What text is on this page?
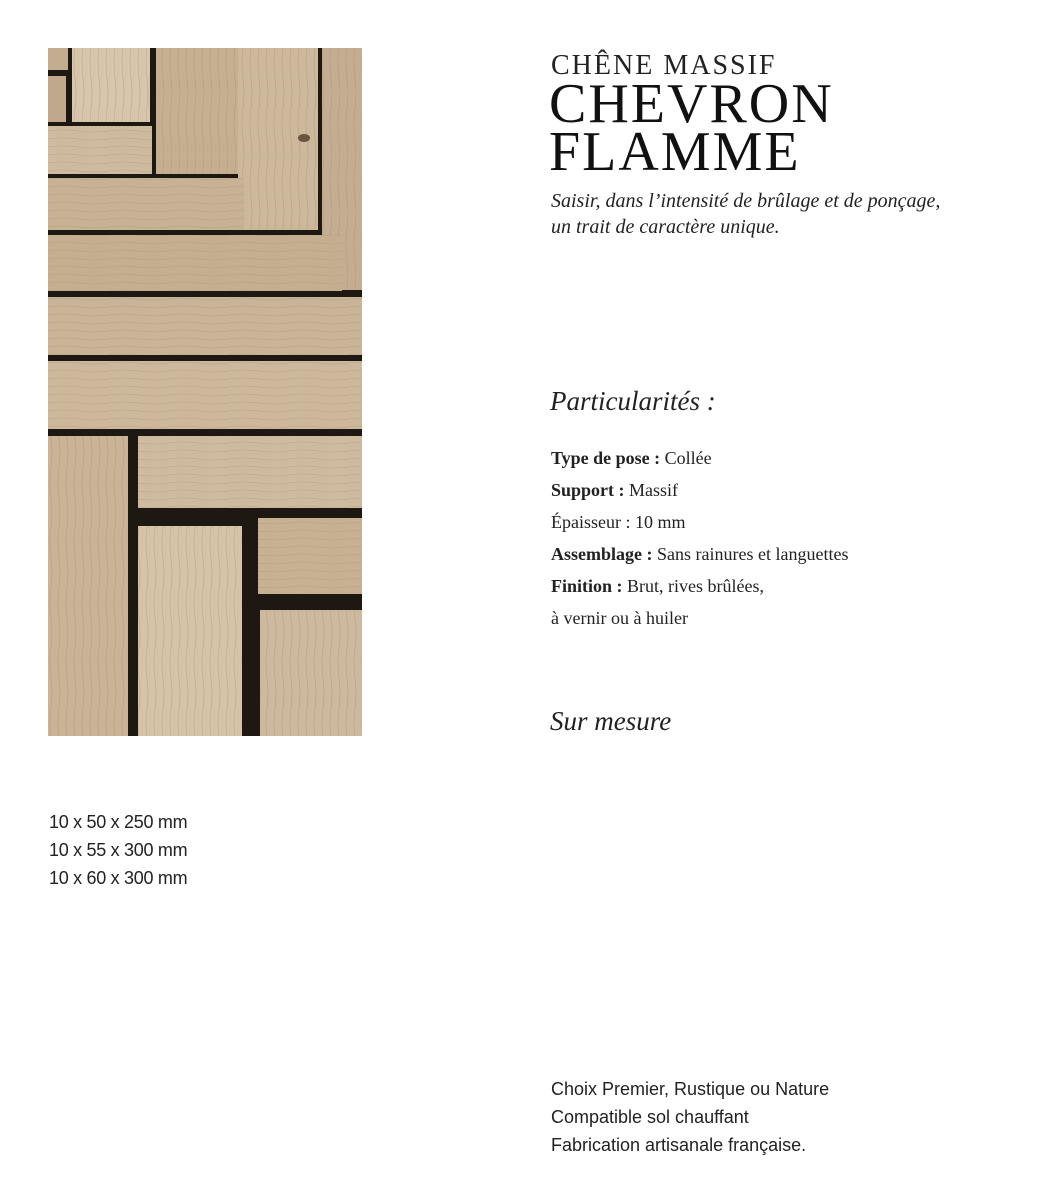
10 x 50 x 250 mm
10 x 55 x 300 mm
10 x 60 x 300 mm
CHÊNE MASSIF
CHEVRON
FLAMME
Saisir, dans l’intensité de brûlage et de ponçage,
un trait de caractère unique.
Particularités :
Type de pose : Collée
Support : Massif
Épaisseur : 10 mm
Assemblage : Sans rainures et languettes
Finition : Brut, rives brûlées,
à vernir ou à huiler
Sur mesure
Choix Premier, Rustique ou Nature
Compatible sol chauffant
Fabrication artisanale française.
